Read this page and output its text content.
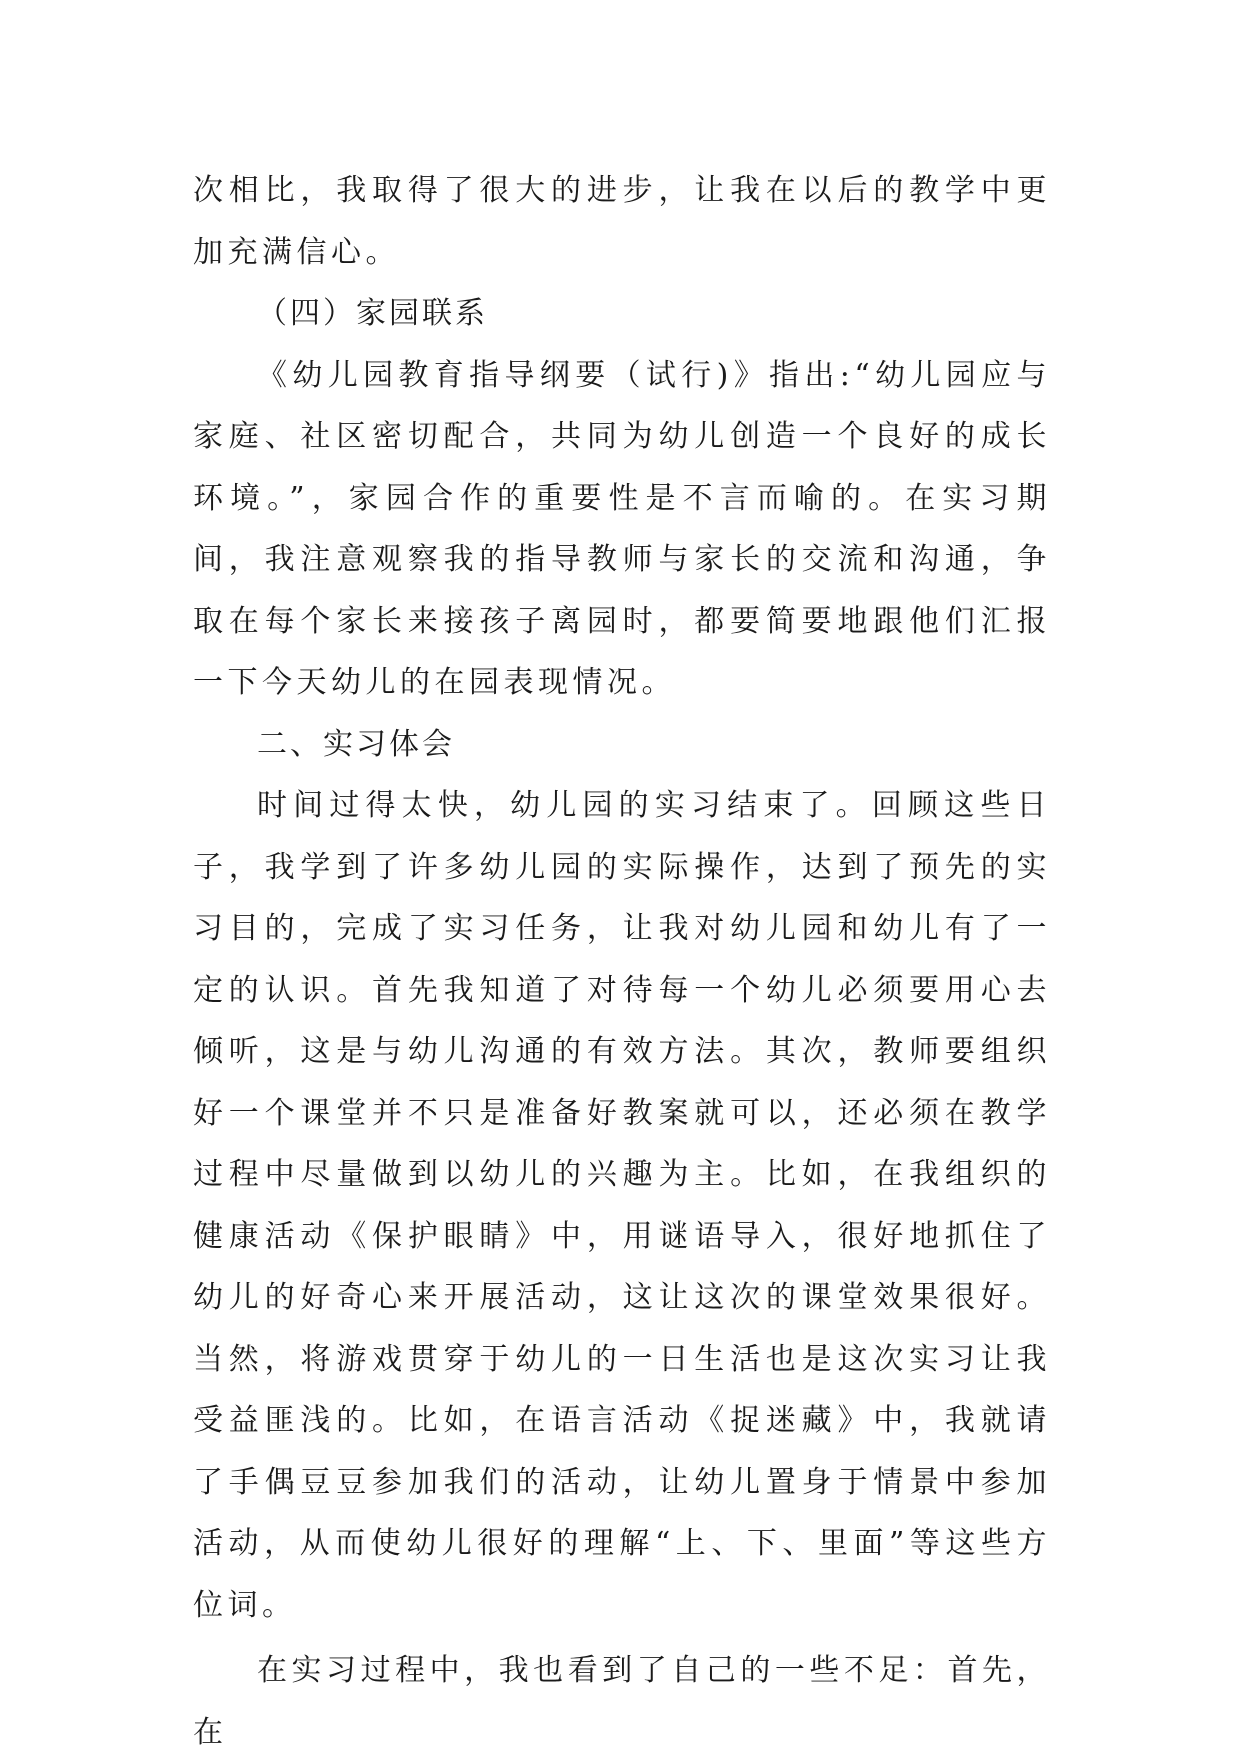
次相比，我取得了很大的进步，让我在以后的教学中更加充满信心。

（四）家园联系

《幼儿园教育指导纲要（试行)》指出:“幼儿园应与家庭、社区密切配合，共同为幼儿创造一个良好的成长环境。”，家园合作的重要性是不言而喻的。在实习期间，我注意观察我的指导教师与家长的交流和沟通，争取在每个家长来接孩子离园时，都要简要地跟他们汇报一下今天幼儿的在园表现情况。

二、实习体会

时间过得太快，幼儿园的实习结束了。回顾这些日子，我学到了许多幼儿园的实际操作，达到了预先的实习目的，完成了实习任务，让我对幼儿园和幼儿有了一定的认识。首先我知道了对待每一个幼儿必须要用心去倾听，这是与幼儿沟通的有效方法。其次，教师要组织好一个课堂并不只是准备好教案就可以，还必须在教学过程中尽量做到以幼儿的兴趣为主。比如，在我组织的健康活动《保护眼睛》中，用谜语导入，很好地抓住了幼儿的好奇心来开展活动，这让这次的课堂效果很好。当然，将游戏贯穿于幼儿的一日生活也是这次实习让我受益匪浅的。比如，在语言活动《捉迷藏》中，我就请了手偶豆豆参加我们的活动，让幼儿置身于情景中参加活动，从而使幼儿很好的理解“上、下、里面”等这些方位词。

在实习过程中，我也看到了自己的一些不足：首先，在
